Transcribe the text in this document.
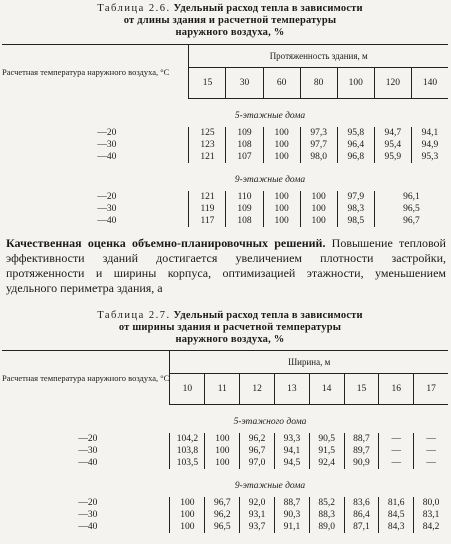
Таблица 2.6. Удельный расход тепла в зависимости
от длины здания и расчетной температуры
наружного воздуха, %
Расчетная температура наружного воздуха, °С	Протяженность здания, м						
	15	30	60	80	100	120	140
5-этажные дома							
—20	125	109	100	97,3	95,8	94,7	94,1
—30	123	108	100	97,7	96,4	95,4	94,9
—40	121	107	100	98,0	96,8	95,9	95,3
9-этажные дома							
—20	121	110	100	100	97,9	96,1	
—30	119	109	100	100	98,3	96,5	
—40	117	108	100	100	98,5	96,7	
Качественная оценка объемно-планировочных решений. Повышение тепловой эффективности зданий достигается увеличением плотности застройки, протяженности и ширины корпуса, оптимизацией этажности, уменьшением удельного периметра здания, а
Таблица 2.7. Удельный расход тепла в зависимости
от ширины здания и расчетной температуры
наружного воздуха, %
Расчетная температура наружного воздуха, °С	Ширина, м							
	10	11	12	13	14	15	16	17
5-этажного дома								
—20	104,2	100	96,2	93,3	90,5	88,7	—	—
—30	103,8	100	96,7	94,1	91,5	89,7	—	—
—40	103,5	100	97,0	94,5	92,4	90,9	—	—
9-этажные дома								
—20	100	96,7	92,0	88,7	85,2	83,6	81,6	80,0
—30	100	96,2	93,1	90,3	88,3	86,4	84,5	83,1
—40	100	96,5	93,7	91,1	89,0	87,1	84,3	84,2
